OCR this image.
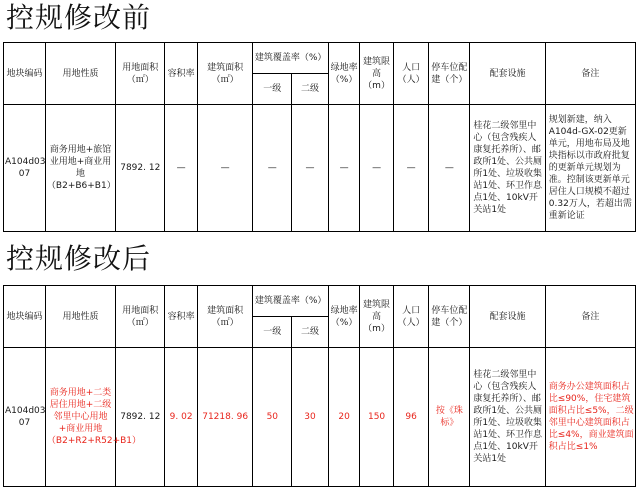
控规修改前
地块编码	用地性质	用地面积（㎡）	容积率	建筑面积（㎡）	建筑覆盖率（%）		绿地率（%）	建筑限高（m）	人口（人）	停车位配建（个）	配套设施	备注
					一级	二级						
A104d03 07	商务用地+旅馆业用地+商业用地（B2+B6+B1）	7892. 12	—	—	—	—	—	—	—	—	桂花二级邻里中心（包含残疾人康复托养所）、邮政所1处、公共厕所1处、垃圾收集站1处、环卫作息点1处、10kV开关站1处	规划新建，纳入A104d-GX-02更新单元，用地布局及地块指标以市政府批复的更新单元规划为准。控制该更新单元居住人口规模不超过0.32万人，若超出需重新论证
控规修改后
地块编码	用地性质	用地面积（㎡）	容积率	建筑面积（㎡）	建筑覆盖率（%）		绿地率（%）	建筑限高（m）	人口（人）	停车位配建（个）	配套设施	备注
					一级	二级						
A104d03 07	商务用地+二类居住用地+二级邻里中心用地+商业用地（B2+R2+R52+B1）	7892. 12	9. 02	71218. 96	50	30	20	150	96	按《珠标》	桂花二级邻里中心（包含残疾人康复托养所）、邮政所1处、公共厕所1处、垃圾收集站1处、环卫作息点1处、10kV开关站1处	商务办公建筑面积占比≤90%，住宅建筑面积占比≤5%，二级邻里中心建筑面积占比≤4%，商业建筑面积占比≤1%
